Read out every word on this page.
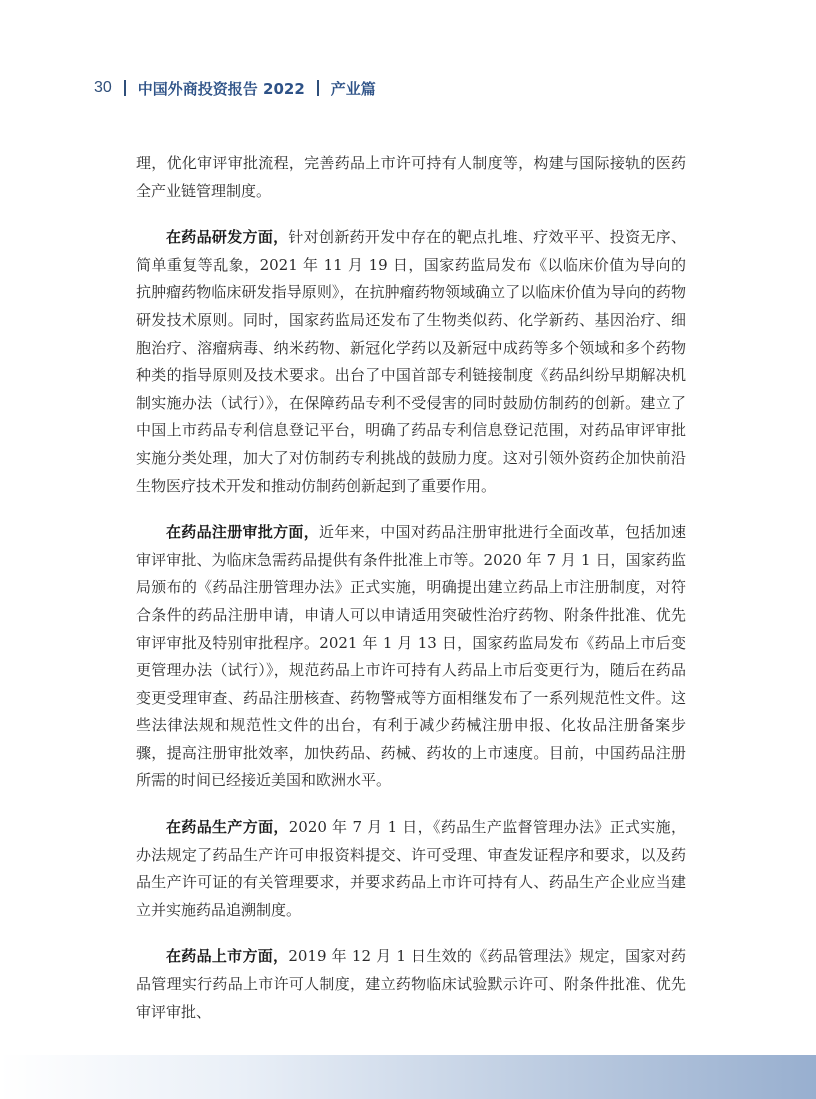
30 中国外商投资报告 2022 产业篇

理，优化审评审批流程，完善药品上市许可持有人制度等，构建与国际接轨的医药全产业链管理制度。

在药品研发方面，针对创新药开发中存在的靶点扎堆、疗效平平、投资无序、简单重复等乱象，2021 年 11 月 19 日，国家药监局发布《以临床价值为导向的抗肿瘤药物临床研发指导原则》，在抗肿瘤药物领域确立了以临床价值为导向的药物研发技术原则。同时，国家药监局还发布了生物类似药、化学新药、基因治疗、细胞治疗、溶瘤病毒、纳米药物、新冠化学药以及新冠中成药等多个领域和多个药物种类的指导原则及技术要求。出台了中国首部专利链接制度《药品纠纷早期解决机制实施办法（试行）》，在保障药品专利不受侵害的同时鼓励仿制药的创新。建立了中国上市药品专利信息登记平台，明确了药品专利信息登记范围，对药品审评审批实施分类处理，加大了对仿制药专利挑战的鼓励力度。这对引领外资药企加快前沿生物医疗技术开发和推动仿制药创新起到了重要作用。

在药品注册审批方面，近年来，中国对药品注册审批进行全面改革，包括加速审评审批、为临床急需药品提供有条件批准上市等。2020 年 7 月 1 日，国家药监局颁布的《药品注册管理办法》正式实施，明确提出建立药品上市注册制度，对符合条件的药品注册申请，申请人可以申请适用突破性治疗药物、附条件批准、优先审评审批及特别审批程序。2021 年 1 月 13 日，国家药监局发布《药品上市后变更管理办法（试行）》，规范药品上市许可持有人药品上市后变更行为，随后在药品变更受理审查、药品注册核查、药物警戒等方面相继发布了一系列规范性文件。这些法律法规和规范性文件的出台，有利于减少药械注册申报、化妆品注册备案步骤，提高注册审批效率，加快药品、药械、药妆的上市速度。目前，中国药品注册所需的时间已经接近美国和欧洲水平。

在药品生产方面，2020 年 7 月 1 日，《药品生产监督管理办法》正式实施，办法规定了药品生产许可申报资料提交、许可受理、审查发证程序和要求，以及药品生产许可证的有关管理要求，并要求药品上市许可持有人、药品生产企业应当建立并实施药品追溯制度。

在药品上市方面，2019 年 12 月 1 日生效的《药品管理法》规定，国家对药品管理实行药品上市许可人制度，建立药物临床试验默示许可、附条件批准、优先审评审批、
